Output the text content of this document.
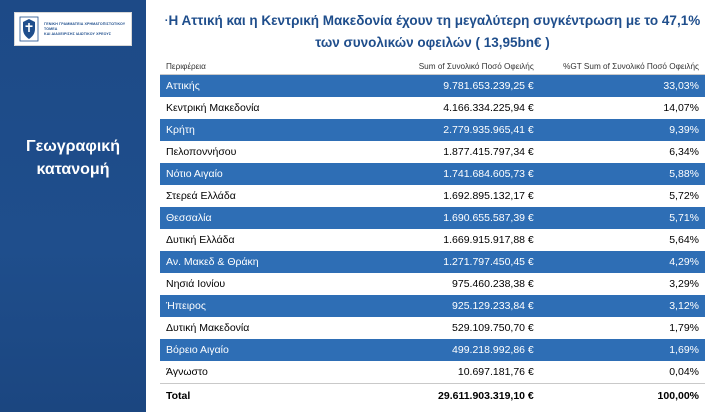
ΓΕΝΙΚΗ ΓΡΑΜΜΑΤΕΙΑ ΧΡΗΜΑΤΟΠΙΣΤΩΤΙΚΟΥ ΤΟΜΕΑ
ΚΑΙ ΔΙΑΧΕΙΡΙΣΗΣ ΙΔΙΩΤΙΚΟΥ ΧΡΕΟΥΣ
Γεωγραφική
κατανομή
·Η Αττική και η Κεντρική Μακεδονία έχουν τη μεγαλύτερη συγκέντρωση με το 47,1% των συνολικών οφειλών ( 13,95bn€ )
Περιφέρεια	Sum of Συνολικό Ποσό Οφειλής	%GT Sum of Συνολικό Ποσό Οφειλής
Αττικής	9.781.653.239,25 €	33,03%
Κεντρική Μακεδονία	4.166.334.225,94 €	14,07%
Κρήτη	2.779.935.965,41 €	9,39%
Πελοποννήσου	1.877.415.797,34 €	6,34%
Νότιο Αιγαίο	1.741.684.605,73 €	5,88%
Στερεά Ελλάδα	1.692.895.132,17 €	5,72%
Θεσσαλία	1.690.655.587,39 €	5,71%
Δυτική Ελλάδα	1.669.915.917,88 €	5,64%
Αν. Μακεδ & Θράκη	1.271.797.450,45 €	4,29%
Νησιά Ιονίου	975.460.238,38 €	3,29%
Ήπειρος	925.129.233,84 €	3,12%
Δυτική Μακεδονία	529.109.750,70 €	1,79%
Βόρειο Αιγαίο	499.218.992,86 €	1,69%
Άγνωστο	10.697.181,76 €	0,04%
Total	29.611.903.319,10 €	100,00%
